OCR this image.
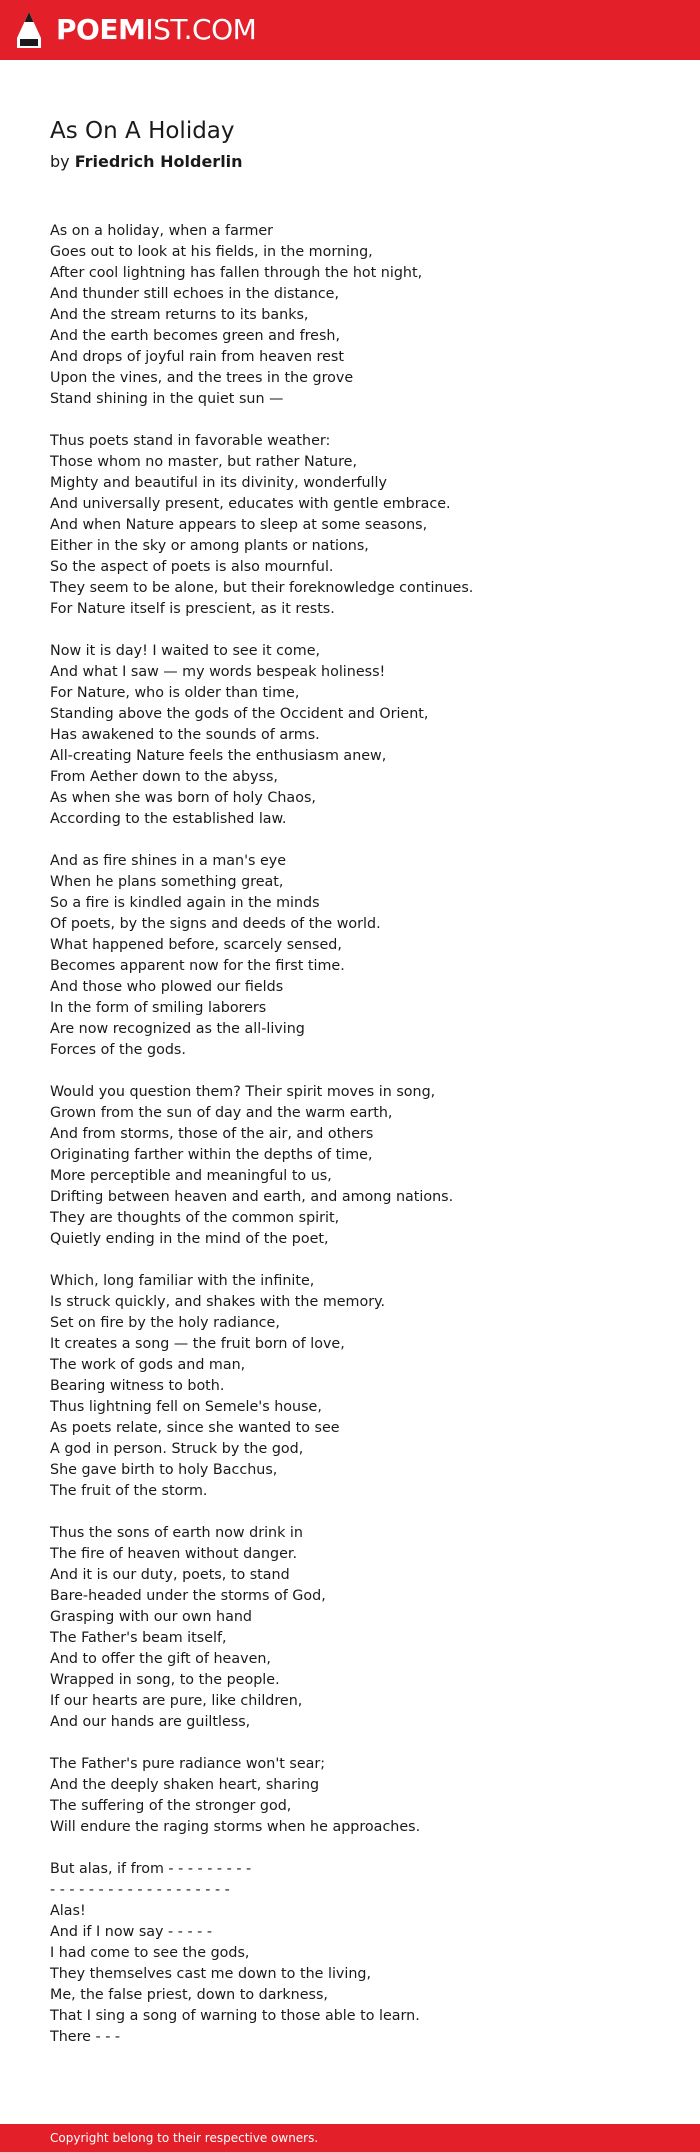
POEMIST.COM
As On A Holiday

by Friedrich Holderlin

As on a holiday, when a farmer
Goes out to look at his fields, in the morning,
After cool lightning has fallen through the hot night,
And thunder still echoes in the distance,
And the stream returns to its banks,
And the earth becomes green and fresh,
And drops of joyful rain from heaven rest
Upon the vines, and the trees in the grove
Stand shining in the quiet sun —
Thus poets stand in favorable weather:
Those whom no master, but rather Nature,
Mighty and beautiful in its divinity, wonderfully
And universally present, educates with gentle embrace.
And when Nature appears to sleep at some seasons,
Either in the sky or among plants or nations,
So the aspect of poets is also mournful.
They seem to be alone, but their foreknowledge continues.
For Nature itself is prescient, as it rests.
Now it is day! I waited to see it come,
And what I saw — my words bespeak holiness!
For Nature, who is older than time,
Standing above the gods of the Occident and Orient,
Has awakened to the sounds of arms.
All-creating Nature feels the enthusiasm anew,
From Aether down to the abyss,
As when she was born of holy Chaos,
According to the established law.
And as fire shines in a man's eye
When he plans something great,
So a fire is kindled again in the minds
Of poets, by the signs and deeds of the world.
What happened before, scarcely sensed,
Becomes apparent now for the first time.
And those who plowed our fields
In the form of smiling laborers
Are now recognized as the all-living
Forces of the gods.
Would you question them? Their spirit moves in song,
Grown from the sun of day and the warm earth,
And from storms, those of the air, and others
Originating farther within the depths of time,
More perceptible and meaningful to us,
Drifting between heaven and earth, and among nations.
They are thoughts of the common spirit,
Quietly ending in the mind of the poet,
Which, long familiar with the infinite,
Is struck quickly, and shakes with the memory.
Set on fire by the holy radiance,
It creates a song — the fruit born of love,
The work of gods and man,
Bearing witness to both.
Thus lightning fell on Semele's house,
As poets relate, since she wanted to see
A god in person. Struck by the god,
She gave birth to holy Bacchus,
The fruit of the storm.
Thus the sons of earth now drink in
The fire of heaven without danger.
And it is our duty, poets, to stand
Bare-headed under the storms of God,
Grasping with our own hand
The Father's beam itself,
And to offer the gift of heaven,
Wrapped in song, to the people.
If our hearts are pure, like children,
And our hands are guiltless,
The Father's pure radiance won't sear;
And the deeply shaken heart, sharing
The suffering of the stronger god,
Will endure the raging storms when he approaches.
But alas, if from - - - - - - - - -
- - - - - - - - - - - - - - - - - - -
Alas!
And if I now say - - - - -
I had come to see the gods,
They themselves cast me down to the living,
Me, the false priest, down to darkness,
That I sing a song of warning to those able to learn.
There - - -
Copyright belong to their respective owners.
